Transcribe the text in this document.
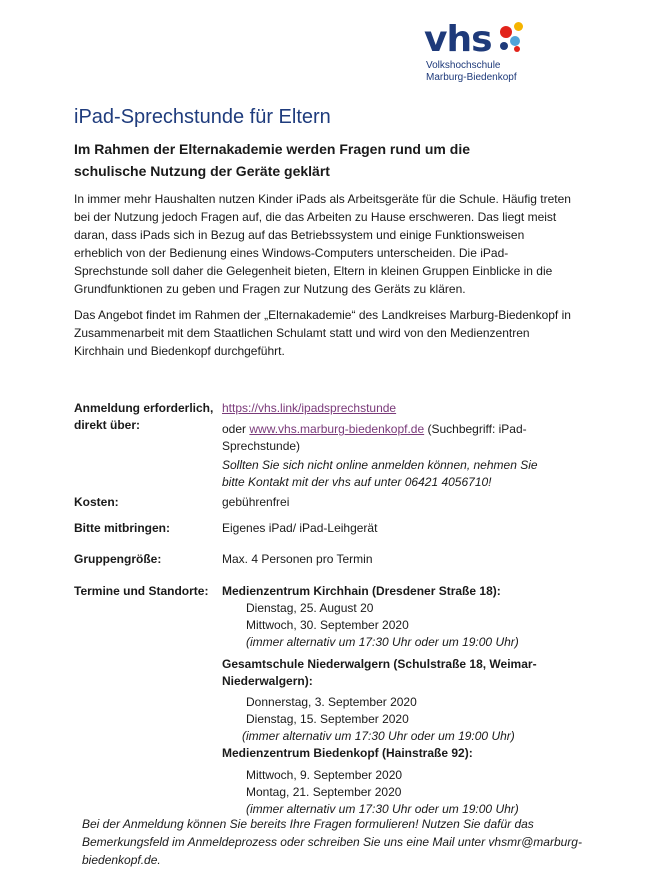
vhs
Volkshochschule
Marburg-Biedenkopf
iPad-Sprechstunde für Eltern
Im Rahmen der Elternakademie werden Fragen rund um die schulische Nutzung der Geräte geklärt
In immer mehr Haushalten nutzen Kinder iPads als Arbeitsgeräte für die Schule. Häufig treten bei der Nutzung jedoch Fragen auf, die das Arbeiten zu Hause erschweren. Das liegt meist daran, dass iPads sich in Bezug auf das Betriebssystem und einige Funktionsweisen erheblich von der Bedienung eines Windows-Computers unterscheiden. Die iPad-Sprechstunde soll daher die Gelegenheit bieten, Eltern in kleinen Gruppen Einblicke in die Grundfunktionen zu geben und Fragen zur Nutzung des Geräts zu klären.
Das Angebot findet im Rahmen der „Elternakademie“ des Landkreises Marburg-Biedenkopf in Zusammenarbeit mit dem Staatlichen Schulamt statt und wird von den Medienzentren Kirchhain und Biedenkopf durchgeführt.
Anmeldung erforderlich, direkt über:
https://vhs.link/ipadsprechstunde
oder www.vhs.marburg-biedenkopf.de (Suchbegriff: iPad-Sprechstunde)
Sollten Sie sich nicht online anmelden können, nehmen Sie bitte Kontakt mit der vhs auf unter 06421 4056710!
Kosten:	gebührenfrei
Bitte mitbringen:	Eigenes iPad/ iPad-Leihgerät
Gruppengröße:	Max. 4 Personen pro Termin
Termine und Standorte: Medienzentrum Kirchhain (Dresdener Straße 18):
Dienstag, 25. August 20
Mittwoch, 30. September 2020
(immer alternativ um 17:30 Uhr oder um 19:00 Uhr)
Gesamtschule Niederwalgern (Schulstraße 18, Weimar-Niederwalgern):
Donnerstag, 3. September 2020
Dienstag, 15. September 2020
(immer alternativ um 17:30 Uhr oder um 19:00 Uhr)
Medienzentrum Biedenkopf (Hainstraße 92):
Mittwoch, 9. September 2020
Montag, 21. September 2020
(immer alternativ um 17:30 Uhr oder um 19:00 Uhr)
Bei der Anmeldung können Sie bereits Ihre Fragen formulieren! Nutzen Sie dafür das Bemerkungsfeld im Anmeldeprozess oder schreiben Sie uns eine Mail unter vhsmr@marburg-biedenkopf.de.
